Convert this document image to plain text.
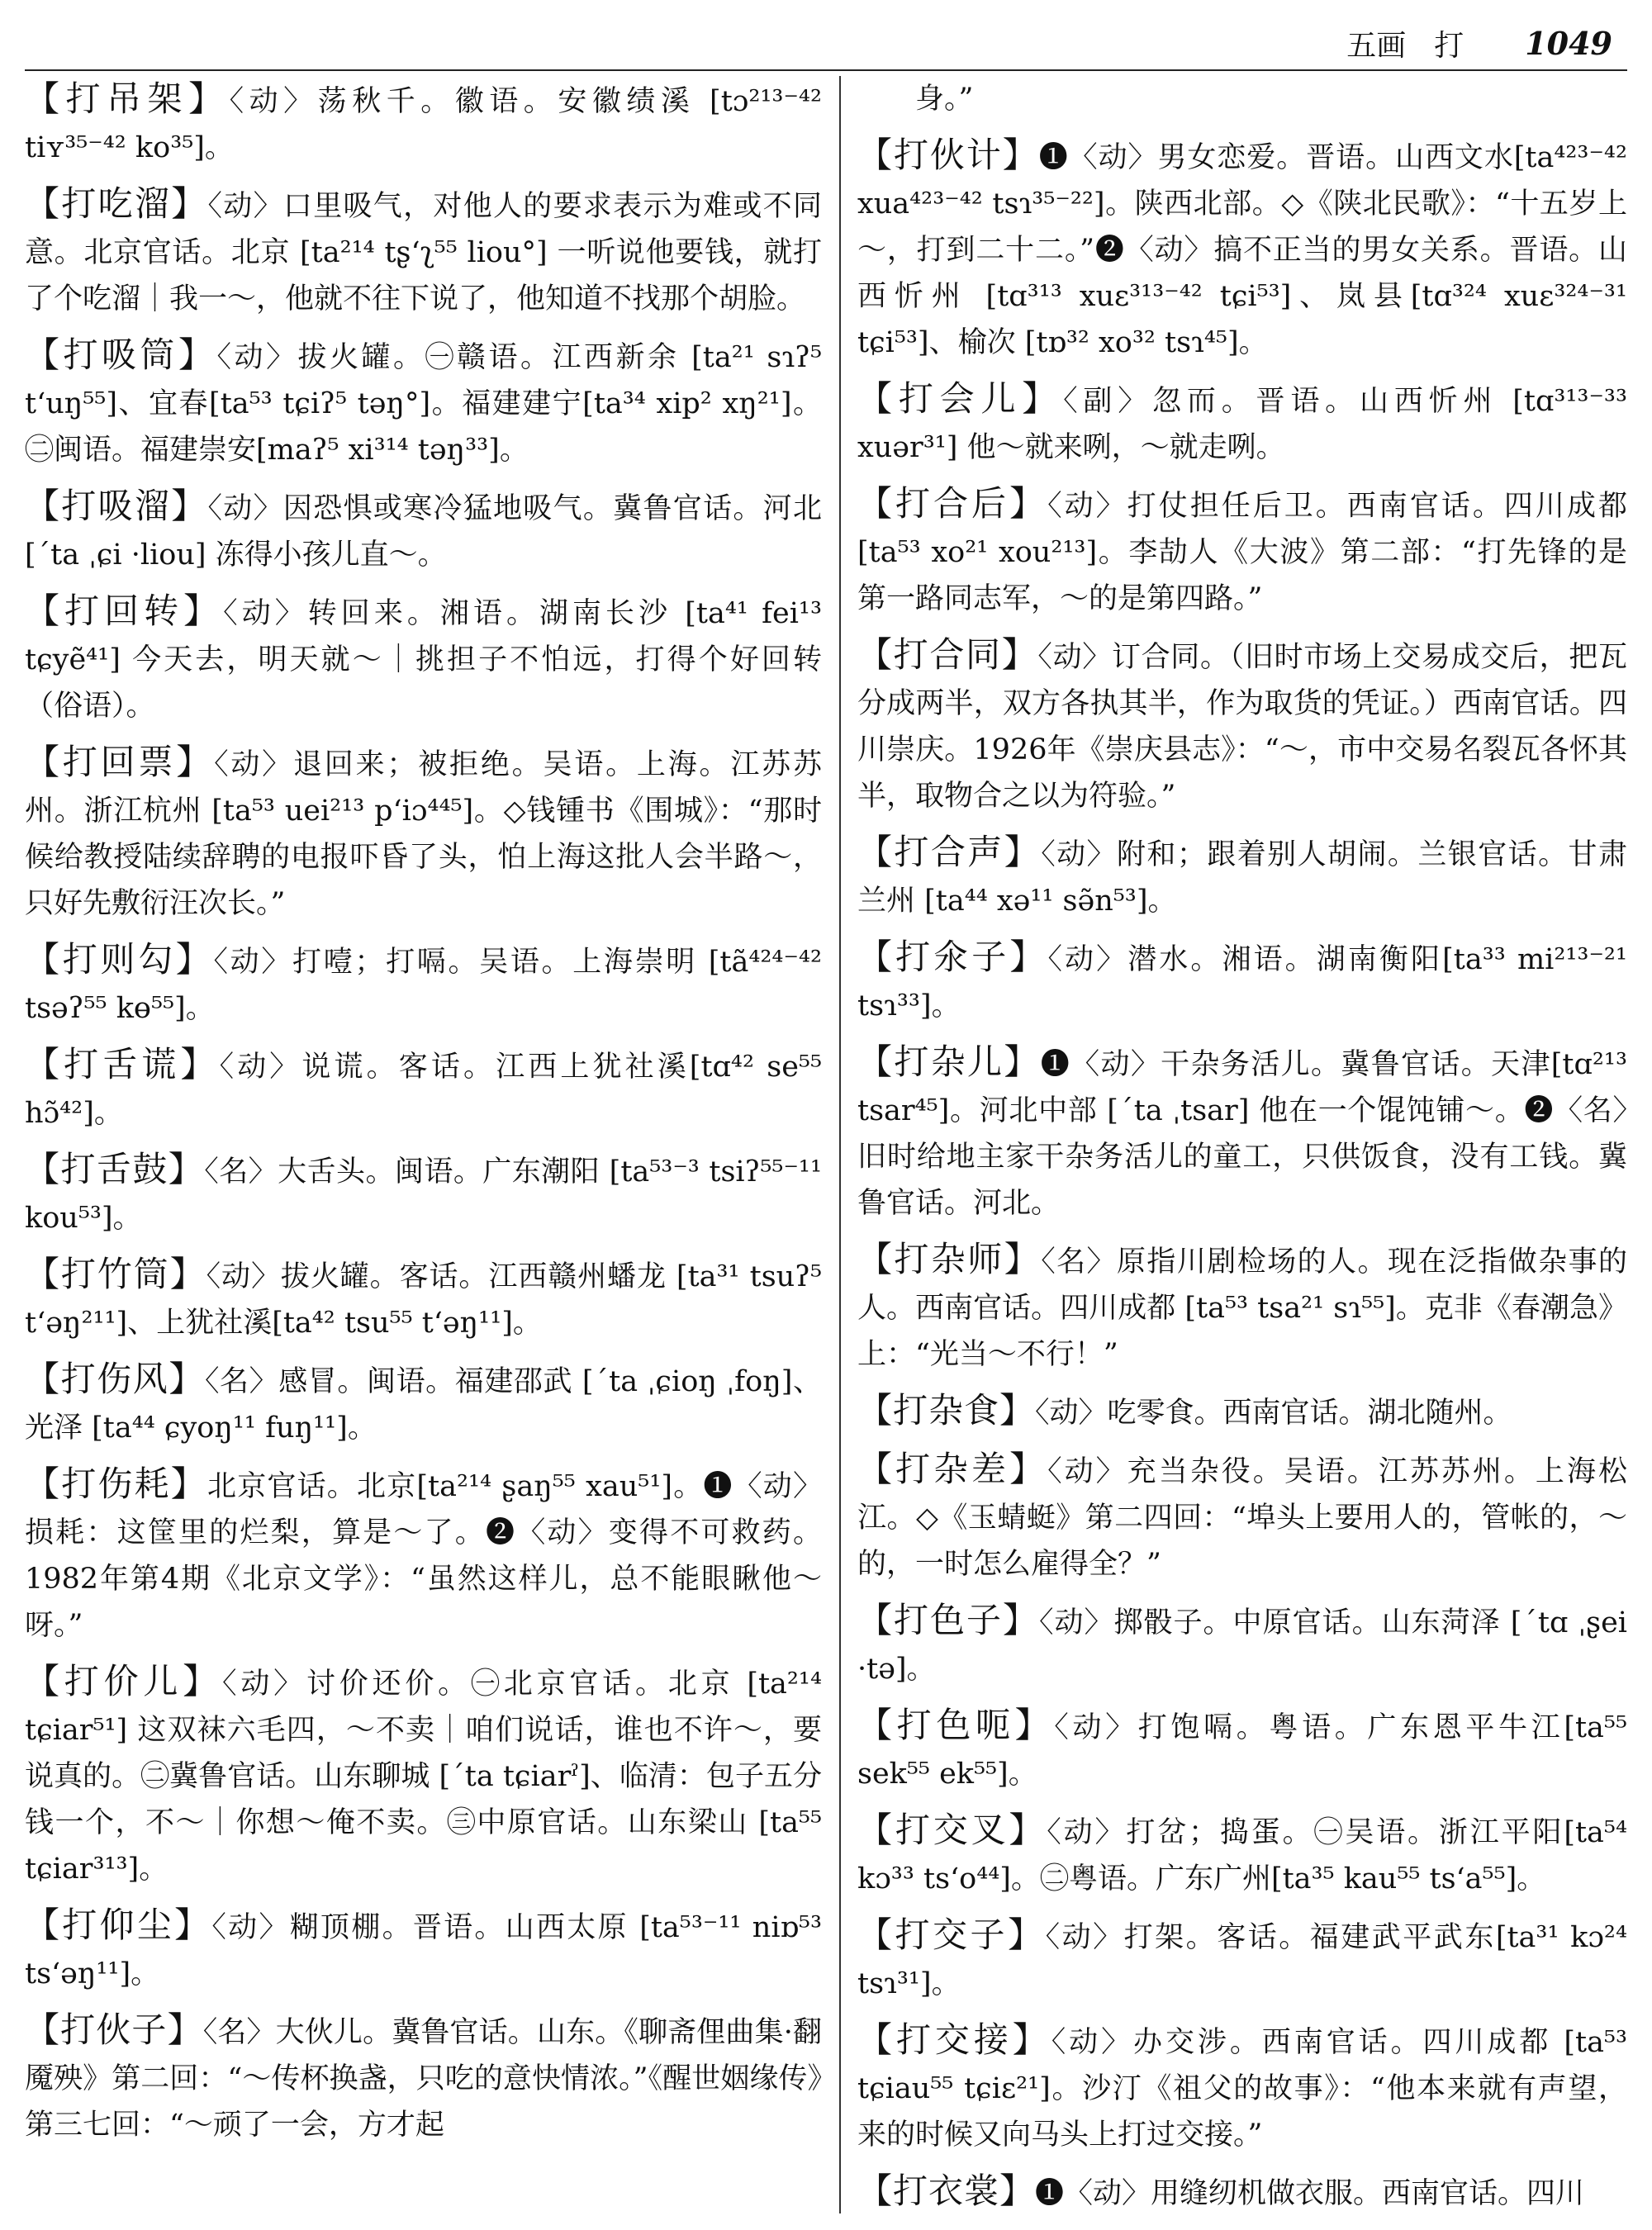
五画 打 1049

【打吊架】〈动〉荡秋千。徽语。安徽绩溪 [tɔ²¹³⁻⁴² tiʏ³⁵⁻⁴² ko³⁵]。

【打吃溜】〈动〉口里吸气，对他人的要求表示为难或不同意。北京官话。北京 [ta²¹⁴ tʂʻʅ⁵⁵ liou°] 一听说他要钱，就打了个吃溜｜我一～，他就不往下说了，他知道不找那个胡脸。

【打吸筒】〈动〉拔火罐。㊀赣语。江西新余 [ta²¹ sɿʔ⁵ tʻuŋ⁵⁵]、宜春[ta⁵³ tɕiʔ⁵ təŋ°]。福建建宁[ta³⁴ xip² xŋ²¹]。㊁闽语。福建崇安[maʔ⁵ xi³¹⁴ təŋ³³]。

【打吸溜】〈动〉因恐惧或寒冷猛地吸气。冀鲁官话。河北 [ˊta ˌɕi ·liou] 冻得小孩儿直～。

【打回转】〈动〉转回来。湘语。湖南长沙 [ta⁴¹ fei¹³ tɕyẽ⁴¹] 今天去，明天就～｜挑担子不怕远，打得个好回转（俗语）。

【打回票】〈动〉退回来；被拒绝。吴语。上海。江苏苏州。浙江杭州 [ta⁵³ uei²¹³ pʻiɔ⁴⁴⁵]。◇钱锺书《围城》：“那时候给教授陆续辞聘的电报吓昏了头，怕上海这批人会半路～，只好先敷衍汪次长。”

【打则勾】〈动〉打噎；打嗝。吴语。上海崇明 [tã⁴²⁴⁻⁴² tsəʔ⁵⁵ kɵ⁵⁵]。

【打舌谎】〈动〉说谎。客话。江西上犹社溪[tɑ⁴² se⁵⁵ hɔ̃⁴²]。

【打舌鼓】〈名〉大舌头。闽语。广东潮阳 [ta⁵³⁻³ tsiʔ⁵⁵⁻¹¹ kou⁵³]。

【打竹筒】〈动〉拔火罐。客话。江西赣州蟠龙 [ta³¹ tsuʔ⁵ tʻəŋ²¹¹]、上犹社溪[ta⁴² tsu⁵⁵ tʻəŋ¹¹]。

【打伤风】〈名〉感冒。闽语。福建邵武 [ˊta ˌɕioŋ ˌfoŋ]、光泽 [ta⁴⁴ ɕyoŋ¹¹ fuŋ¹¹]。

【打伤耗】北京官话。北京[ta²¹⁴ ʂaŋ⁵⁵ xau⁵¹]。❶〈动〉损耗：这筐里的烂梨，算是～了。❷〈动〉变得不可救药。1982年第4期《北京文学》：“虽然这样儿，总不能眼瞅他～呀。”

【打价儿】〈动〉讨价还价。㊀北京官话。北京 [ta²¹⁴ tɕiar⁵¹] 这双袜六毛四，～不卖｜咱们说话，谁也不许～，要说真的。㊁冀鲁官话。山东聊城 [ˊta tɕiarˀ]、临清：包子五分钱一个，不～｜你想～俺不卖。㊂中原官话。山东梁山 [ta⁵⁵ tɕiar³¹³]。

【打仰尘】〈动〉糊顶棚。晋语。山西太原 [ta⁵³⁻¹¹ niɒ⁵³ tsʻəŋ¹¹]。

【打伙子】〈名〉大伙儿。冀鲁官话。山东。《聊斋俚曲集·翻魇殃》第二回：“～传杯换盏，只吃的意快情浓。”《醒世姻缘传》第三七回：“～顽了一会，方才起

身。”

【打伙计】❶〈动〉男女恋爱。晋语。山西文水[ta⁴²³⁻⁴² xua⁴²³⁻⁴² tsɿ³⁵⁻²²]。陕西北部。◇《陕北民歌》：“十五岁上～，打到二十二。”❷〈动〉搞不正当的男女关系。晋语。山西忻州 [tɑ³¹³ xuɛ³¹³⁻⁴² tɕi⁵³]、岚县[tɑ³²⁴ xuɛ³²⁴⁻³¹ tɕi⁵³]、榆次 [tɒ³² xo³² tsɿ⁴⁵]。

【打会儿】〈副〉忽而。晋语。山西忻州 [tɑ³¹³⁻³³ xuər³¹] 他～就来咧，～就走咧。

【打合后】〈动〉打仗担任后卫。西南官话。四川成都 [ta⁵³ xo²¹ xou²¹³]。李劼人《大波》第二部：“打先锋的是第一路同志军，～的是第四路。”

【打合同】〈动〉订合同。（旧时市场上交易成交后，把瓦分成两半，双方各执其半，作为取货的凭证。）西南官话。四川崇庆。1926年《崇庆县志》：“～，市中交易名裂瓦各怀其半，取物合之以为符验。”

【打合声】〈动〉附和；跟着别人胡闹。兰银官话。甘肃兰州 [ta⁴⁴ xə¹¹ sə̃n⁵³]。

【打氽子】〈动〉潜水。湘语。湖南衡阳[ta³³ mi²¹³⁻²¹ tsɿ³³]。

【打杂儿】❶〈动〉干杂务活儿。冀鲁官话。天津[tɑ²¹³ tsar⁴⁵]。河北中部 [ˊta ˌtsar] 他在一个馄饨铺～。❷〈名〉旧时给地主家干杂务活儿的童工，只供饭食，没有工钱。冀鲁官话。河北。

【打杂师】〈名〉原指川剧检场的人。现在泛指做杂事的人。西南官话。四川成都 [ta⁵³ tsa²¹ sɿ⁵⁵]。克非《春潮急》上：“光当～不行！”

【打杂食】〈动〉吃零食。西南官话。湖北随州。

【打杂差】〈动〉充当杂役。吴语。江苏苏州。上海松江。◇《玉蜻蜓》第二四回：“埠头上要用人的，管帐的，～的，一时怎么雇得全？”

【打色子】〈动〉掷骰子。中原官话。山东菏泽 [ˊtɑ ˌʂei ·tə]。

【打色呃】〈动〉打饱嗝。粤语。广东恩平牛江[ta⁵⁵ sek⁵⁵ ek⁵⁵]。

【打交叉】〈动〉打岔；捣蛋。㊀吴语。浙江平阳[ta⁵⁴ kɔ³³ tsʻo⁴⁴]。㊁粤语。广东广州[ta³⁵ kau⁵⁵ tsʻa⁵⁵]。

【打交子】〈动〉打架。客话。福建武平武东[ta³¹ kɔ²⁴ tsɿ³¹]。

【打交接】〈动〉办交涉。西南官话。四川成都 [ta⁵³ tɕiau⁵⁵ tɕiɛ²¹]。沙汀《祖父的故事》：“他本来就有声望，来的时候又向马头上打过交接。”

【打衣裳】❶〈动〉用缝纫机做衣服。西南官话。四川
